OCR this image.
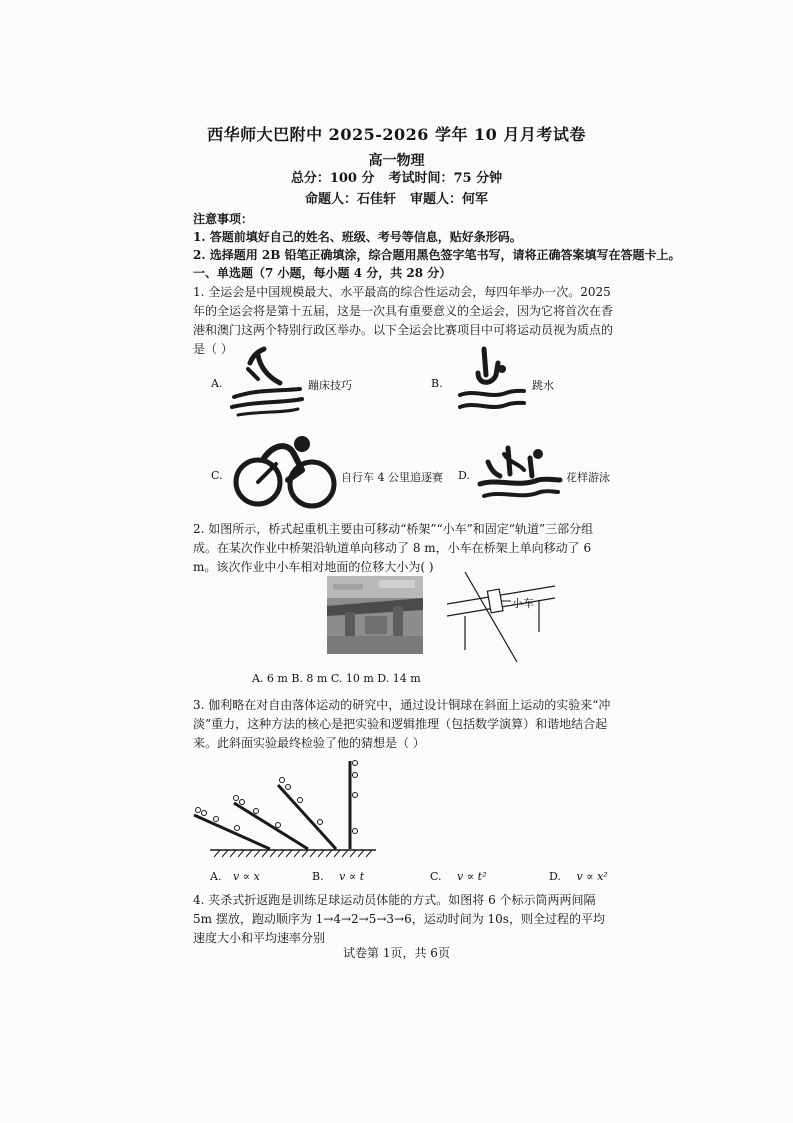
西华师大巴附中 2025-2026 学年 10 月月考试卷
高一物理
总分：100 分 考试时间：75 分钟
命题人：石佳轩 审题人：何军
注意事项：
1. 答题前填好自己的姓名、班级、考号等信息，贴好条形码。
2. 选择题用 2B 铅笔正确填涂，综合题用黑色签字笔书写，请将正确答案填写在答题卡上。
一、单选题（7 小题，每小题 4 分，共 28 分）
1. 全运会是中国规模最大、水平最高的综合性运动会，每四年举办一次。2025 年的全运会将是第十五届，这是一次具有重要意义的全运会，因为它将首次在香港和澳门这两个特别行政区举办。以下全运会比赛项目中可将运动员视为质点的是（ ）
A.	蹦床技巧	B.	跳水
C.	自行车 4 公里追逐赛 D.	花样游泳
2. 如图所示，桥式起重机主要由可移动“桥架”“小车”和固定“轨道”三部分组成。在某次作业中桥架沿轨道单向移动了 8 m，小车在桥架上单向移动了 6 m。该次作业中小车相对地面的位移大小为( )
小车
A. 6 m B. 8 m C. 10 m D. 14 m
3. 伽利略在对自由落体运动的研究中，通过设计铜球在斜面上运动的实验来“冲淡”重力，这种方法的核心是把实验和逻辑推理（包括数学演算）和谐地结合起来。此斜面实验最终检验了他的猜想是（ ）
A. v ∝ x	B. v ∝ t	C. v ∝ t²	D. v ∝ x²
4. 夹杀式折返跑是训练足球运动员体能的方式。如图将 6 个标示筒两两间隔 5m 摆放，跑动顺序为 1→4→2→5→3→6，运动时间为 10s，则全过程的平均速度大小和平均速率分别
试卷第 1页，共 6页
